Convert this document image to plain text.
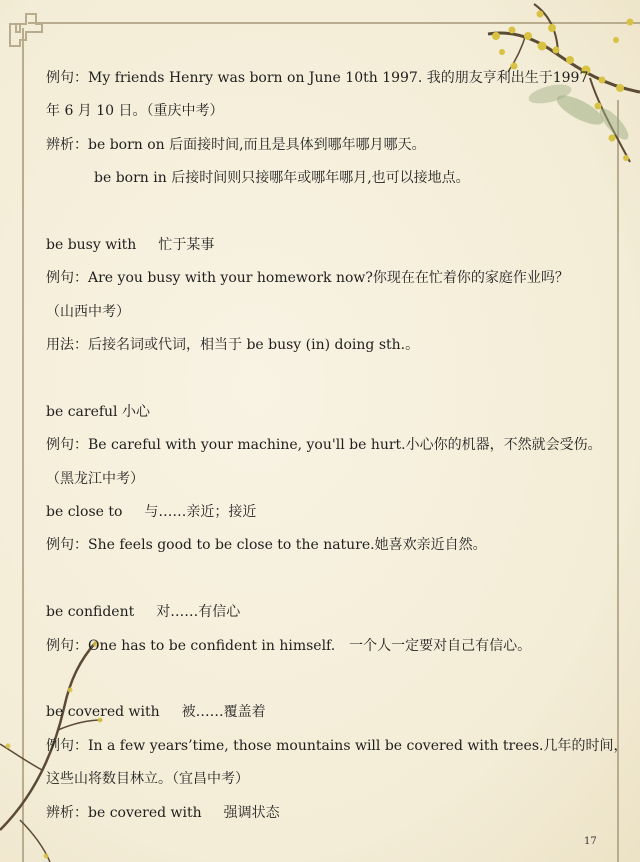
例句：My friends Henry was born on June 10th 1997. 我的朋友亨利出生于1997
年 6 月 10 日。（重庆中考）
辨析：be born on 后面接时间,而且是具体到哪年哪月哪天。
be born in 后接时间则只接哪年或哪年哪月,也可以接地点。
be busy with 忙于某事
例句：Are you busy with your homework now?你现在在忙着你的家庭作业吗？
（山西中考）
用法：后接名词或代词，相当于 be busy (in) doing sth.。
be careful 小心
例句：Be careful with your machine, you'll be hurt.小心你的机器，不然就会受伤。
（黑龙江中考）
be close to 与……亲近；接近
例句：She feels good to be close to the nature.她喜欢亲近自然。
be confident 对……有信心
例句：One has to be confident in himself.　一个人一定要对自己有信心。
be covered with 被……覆盖着
例句：In a few years’time, those mountains will be covered with trees.几年的时间，
这些山将数目林立。（宜昌中考）
辨析：be covered with 强调状态
17
